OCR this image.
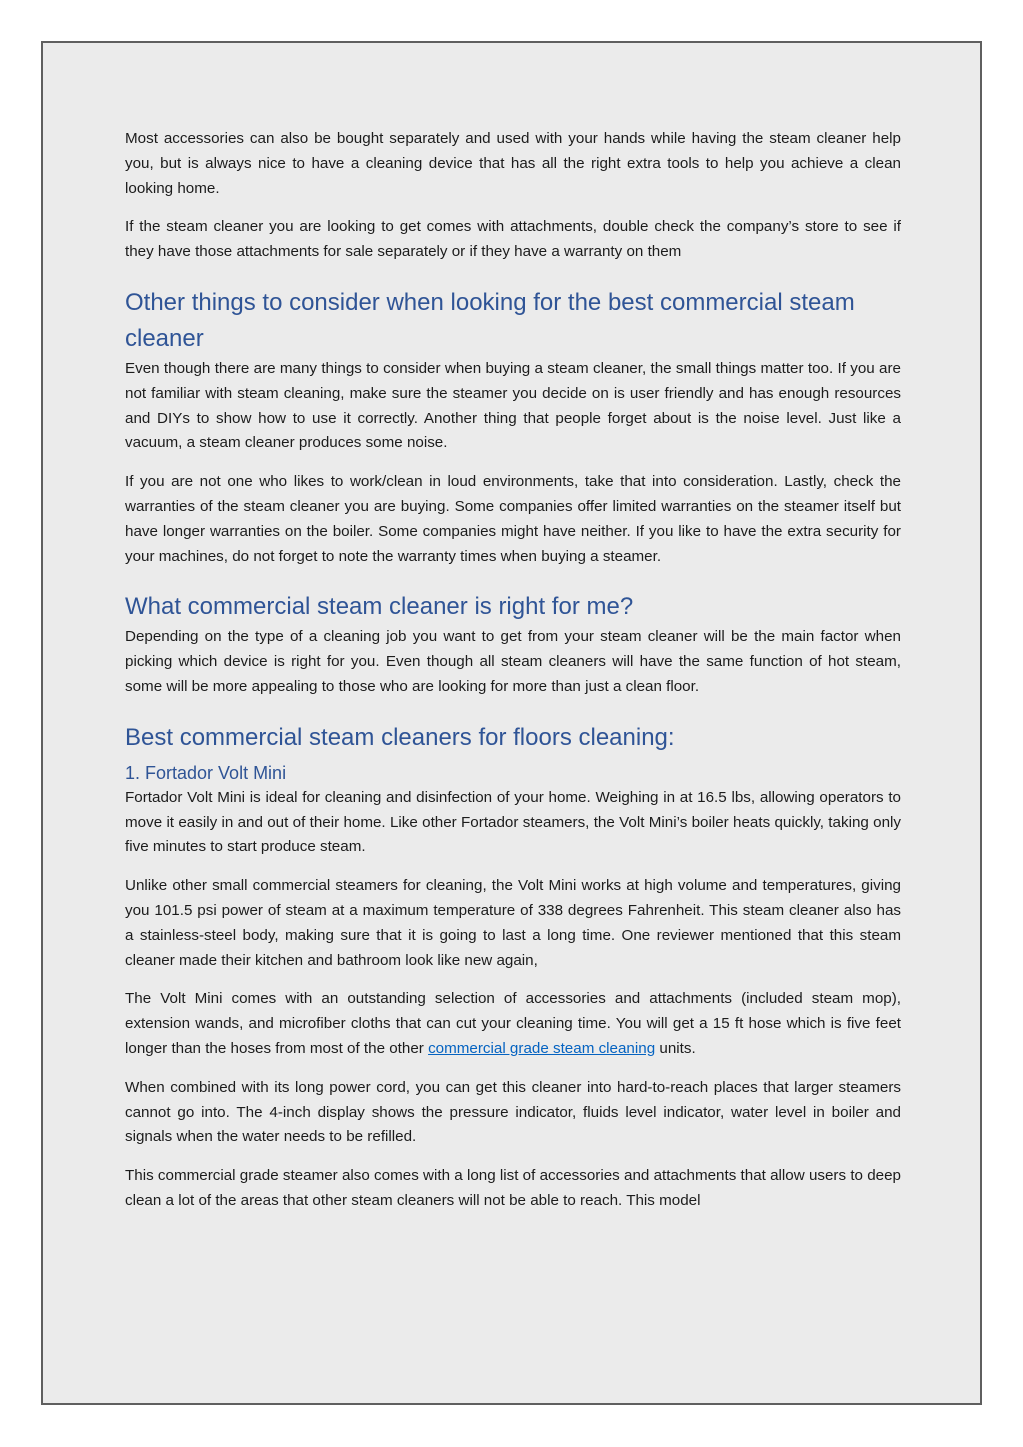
Most accessories can also be bought separately and used with your hands while having the steam cleaner help you, but is always nice to have a cleaning device that has all the right extra tools to help you achieve a clean looking home.

If the steam cleaner you are looking to get comes with attachments, double check the company’s store to see if they have those attachments for sale separately or if they have a warranty on them

Other things to consider when looking for the best commercial steam cleaner

Even though there are many things to consider when buying a steam cleaner, the small things matter too. If you are not familiar with steam cleaning, make sure the steamer you decide on is user friendly and has enough resources and DIYs to show how to use it correctly. Another thing that people forget about is the noise level. Just like a vacuum, a steam cleaner produces some noise.

If you are not one who likes to work/clean in loud environments, take that into consideration. Lastly, check the warranties of the steam cleaner you are buying. Some companies offer limited warranties on the steamer itself but have longer warranties on the boiler. Some companies might have neither. If you like to have the extra security for your machines, do not forget to note the warranty times when buying a steamer.

What commercial steam cleaner is right for me?

Depending on the type of a cleaning job you want to get from your steam cleaner will be the main factor when picking which device is right for you. Even though all steam cleaners will have the same function of hot steam, some will be more appealing to those who are looking for more than just a clean floor.

Best commercial steam cleaners for floors cleaning:
1. Fortador Volt Mini

Fortador Volt Mini is ideal for cleaning and disinfection of your home. Weighing in at 16.5 lbs, allowing operators to move it easily in and out of their home. Like other Fortador steamers, the Volt Mini’s boiler heats quickly, taking only five minutes to start produce steam.

Unlike other small commercial steamers for cleaning, the Volt Mini works at high volume and temperatures, giving you 101.5 psi power of steam at a maximum temperature of 338 degrees Fahrenheit. This steam cleaner also has a stainless-steel body, making sure that it is going to last a long time. One reviewer mentioned that this steam cleaner made their kitchen and bathroom look like new again,

The Volt Mini comes with an outstanding selection of accessories and attachments (included steam mop), extension wands, and microfiber cloths that can cut your cleaning time. You will get a 15 ft hose which is five feet longer than the hoses from most of the other commercial grade steam cleaning units.

When combined with its long power cord, you can get this cleaner into hard-to-reach places that larger steamers cannot go into. The 4-inch display shows the pressure indicator, fluids level indicator, water level in boiler and signals when the water needs to be refilled.

This commercial grade steamer also comes with a long list of accessories and attachments that allow users to deep clean a lot of the areas that other steam cleaners will not be able to reach. This model
